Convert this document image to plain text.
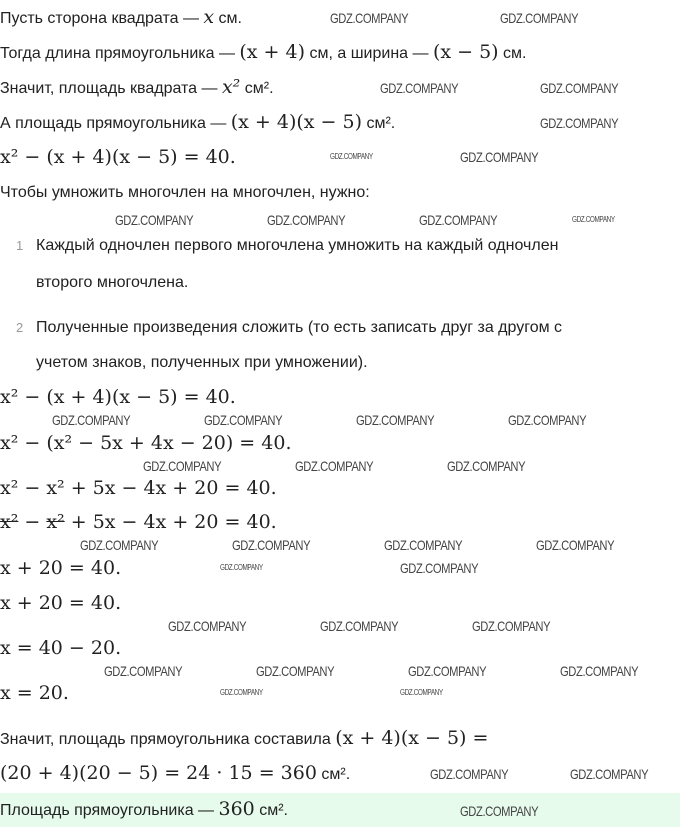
Пусть сторона квадрата — x см.
Тогда длина прямоугольника — (x + 4) см, а ширина — (x − 5) см.
Значит, площадь квадрата — x² см².
А площадь прямоугольника — (x + 4)(x − 5) см².
x² − (x + 4)(x − 5) = 40.
Чтобы умножить многочлен на многочлен, нужно:
1 Каждый одночлен первого многочлена умножить на каждый одночлен
второго многочлена.
2 Полученные произведения сложить (то есть записать друг за другом с
учетом знаков, полученных при умножении).
x² − (x + 4)(x − 5) = 40.
x² − (x² − 5x + 4x − 20) = 40.
x² − x² + 5x − 4x + 20 = 40.
x² − x² + 5x − 4x + 20 = 40.
x + 20 = 40.
x + 20 = 40.
x = 40 − 20.
x = 20.
Значит, площадь прямоугольника составила (x + 4)(x − 5) =
(20 + 4)(20 − 5) = 24 · 15 = 360 см².
Площадь прямоугольника — 360 см².
GDZ.COMPANY	GDZ.COMPANY
GDZ.COMPANY	GDZ.COMPANY
GDZ.COMPANY
GDZ.COMPANY	GDZ.COMPANY
GDZ.COMPANY	GDZ.COMPANY	GDZ.COMPANY	GDZ.COMPANY
GDZ.COMPANY	GDZ.COMPANY	GDZ.COMPANY	GDZ.COMPANY
GDZ.COMPANY	GDZ.COMPANY	GDZ.COMPANY
GDZ.COMPANY	GDZ.COMPANY	GDZ.COMPANY	GDZ.COMPANY
GDZ.COMPANY	GDZ.COMPANY
GDZ.COMPANY	GDZ.COMPANY	GDZ.COMPANY
GDZ.COMPANY	GDZ.COMPANY	GDZ.COMPANY	GDZ.COMPANY
GDZ.COMPANY	GDZ.COMPANY
GDZ.COMPANY	GDZ.COMPANY
GDZ.COMPANY
